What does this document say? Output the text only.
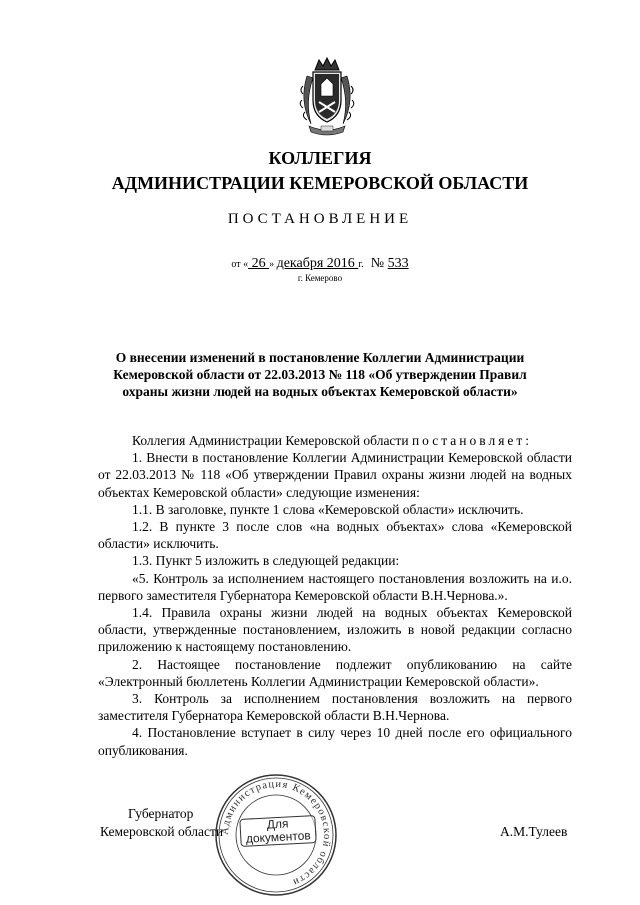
КОЛЛЕГИЯ
АДМИНИСТРАЦИИ КЕМЕРОВСКОЙ ОБЛАСТИ
ПОСТАНОВЛЕНИЕ
от « 26 » декабря 2016 г. № 533
г. Кемерово
О внесении изменений в постановление Коллегии Администрации
Кемеровской области от 22.03.2013 № 118 «Об утверждении Правил
охраны жизни людей на водных объектах Кемеровской области»

Коллегия Администрации Кемеровской области постановляет:

1. Внести в постановление Коллегии Администрации Кемеровской области от 22.03.2013 № 118 «Об утверждении Правил охраны жизни людей на водных объектах Кемеровской области» следующие изменения:

1.1. В заголовке, пункте 1 слова «Кемеровской области» исключить.

1.2. В пункте 3 после слов «на водных объектах» слова «Кемеровской области» исключить.

1.3. Пункт 5 изложить в следующей редакции:

«5. Контроль за исполнением настоящего постановления возложить на и.о. первого заместителя Губернатора Кемеровской области В.Н.Чернова.».

1.4. Правила охраны жизни людей на водных объектах Кемеровской области, утвержденные постановлением, изложить в новой редакции согласно приложению к настоящему постановлению.

2. Настоящее постановление подлежит опубликованию на сайте «Электронный бюллетень Коллегии Администрации Кемеровской области».

3. Контроль за исполнением постановления возложить на первого заместителя Губернатора Кемеровской области В.Н.Чернова.

4. Постановление вступает в силу через 10 дней после его официального опубликования.

Губернатор
Кемеровской области	А.М.Тулеев
Администрация Кемеровской области
Для
документов
